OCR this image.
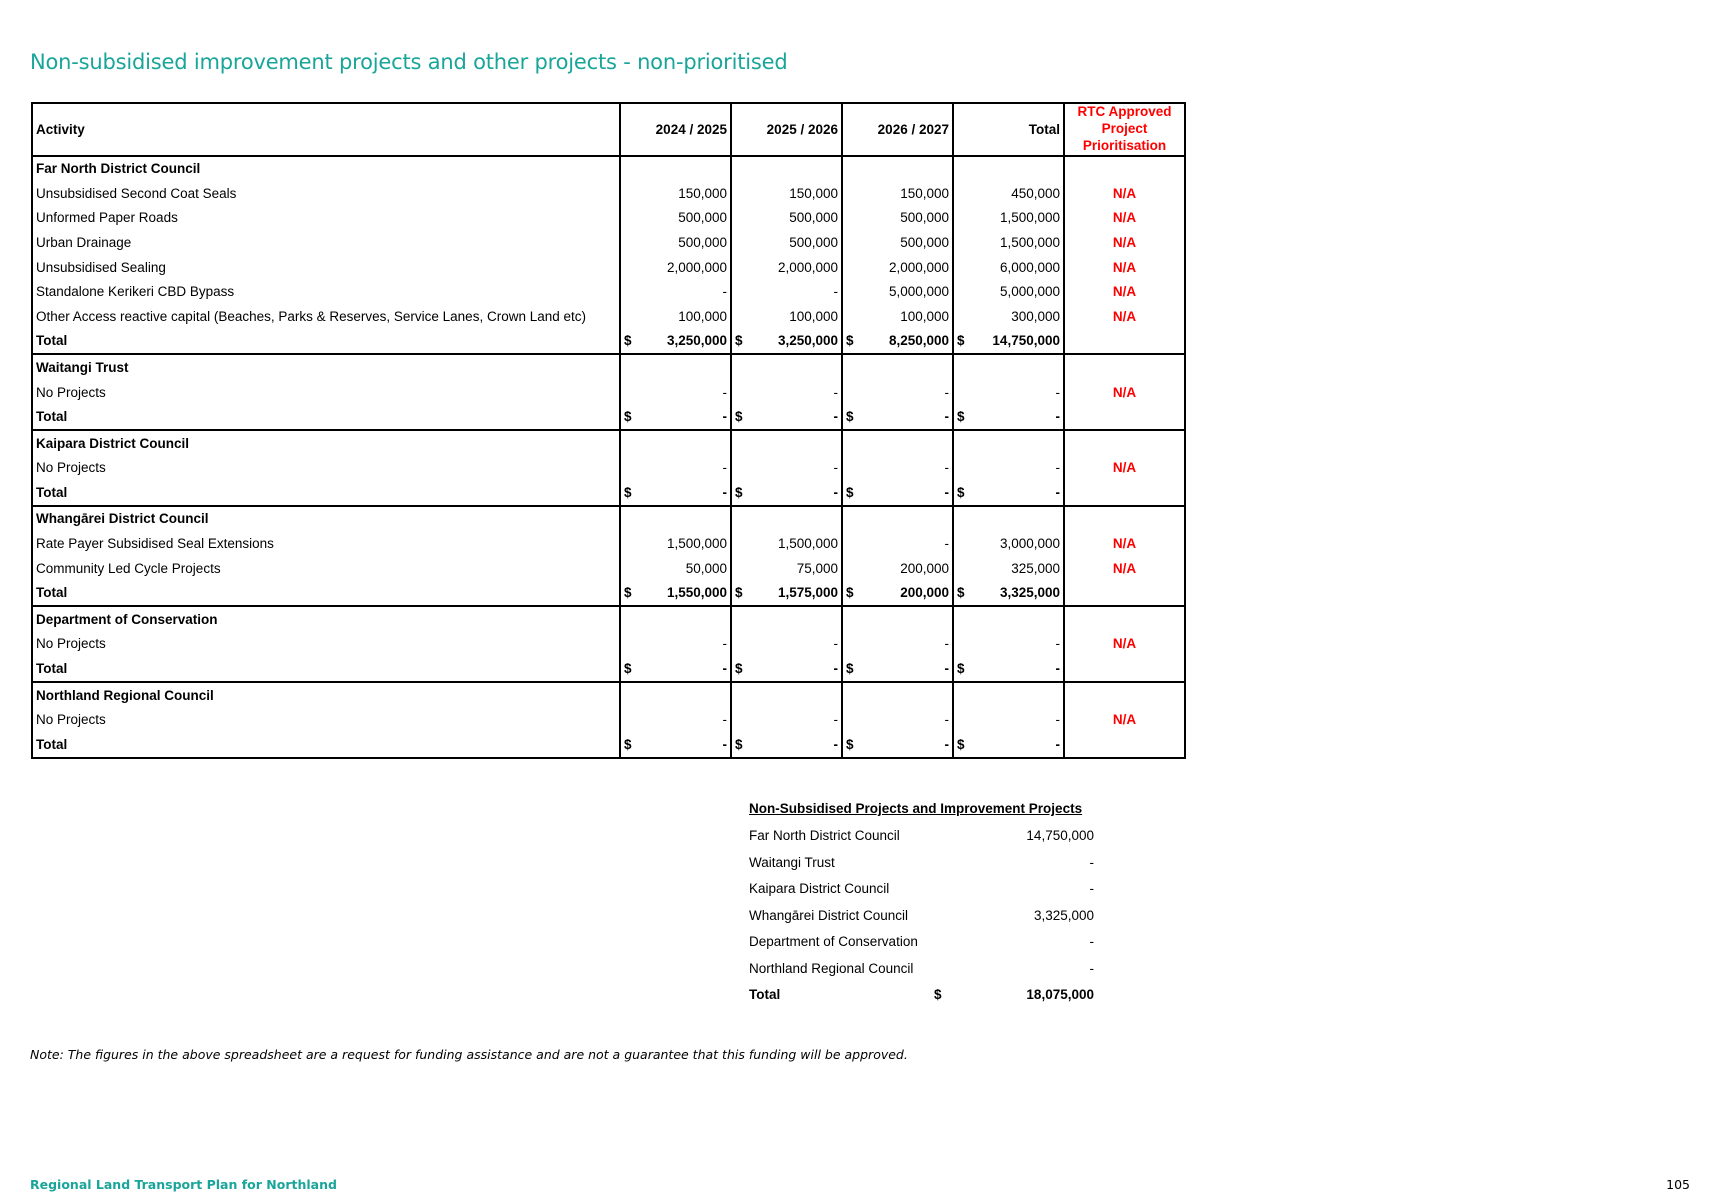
Non-subsidised improvement projects and other projects - non-prioritised
Activity	2024 / 2025	2025 / 2026	2026 / 2027	Total	RTC Approved Project Prioritisation
Far North District Council					
Unsubsidised Second Coat Seals	150,000	150,000	150,000	450,000	N/A
Unformed Paper Roads	500,000	500,000	500,000	1,500,000	N/A
Urban Drainage	500,000	500,000	500,000	1,500,000	N/A
Unsubsidised Sealing	2,000,000	2,000,000	2,000,000	6,000,000	N/A
Standalone Kerikeri CBD Bypass	-	-	5,000,000	5,000,000	N/A
Other Access reactive capital (Beaches, Parks & Reserves, Service Lanes, Crown Land etc)	100,000	100,000	100,000	300,000	N/A
Total	$ 3,250,000	$ 3,250,000	$ 8,250,000	$ 14,750,000	
Waitangi Trust					
No Projects	-	-	-	-	N/A
Total	$ -	$ -	$ -	$ -	
Kaipara District Council					
No Projects	-	-	-	-	N/A
Total	$ -	$ -	$ -	$ -	
Whangārei District Council					
Rate Payer Subsidised Seal Extensions	1,500,000	1,500,000	-	3,000,000	N/A
Community Led Cycle Projects	50,000	75,000	200,000	325,000	N/A
Total	$ 1,550,000	$ 1,575,000	$ 200,000	$ 3,325,000	
Department of Conservation					
No Projects	-	-	-	-	N/A
Total	$ -	$ -	$ -	$ -	
Northland Regional Council					
No Projects	-	-	-	-	N/A
Total	$ -	$ -	$ -	$ -	
Non-Subsidised Projects and Improvement Projects
Far North District Council	14,750,000
Waitangi Trust	-
Kaipara District Council	-
Whangārei District Council	3,325,000
Department of Conservation	-
Northland Regional Council	-
Total	$	18,075,000
Note: The figures in the above spreadsheet are a request for funding assistance and are not a guarantee that this funding will be approved.
Regional Land Transport Plan for Northland	105
